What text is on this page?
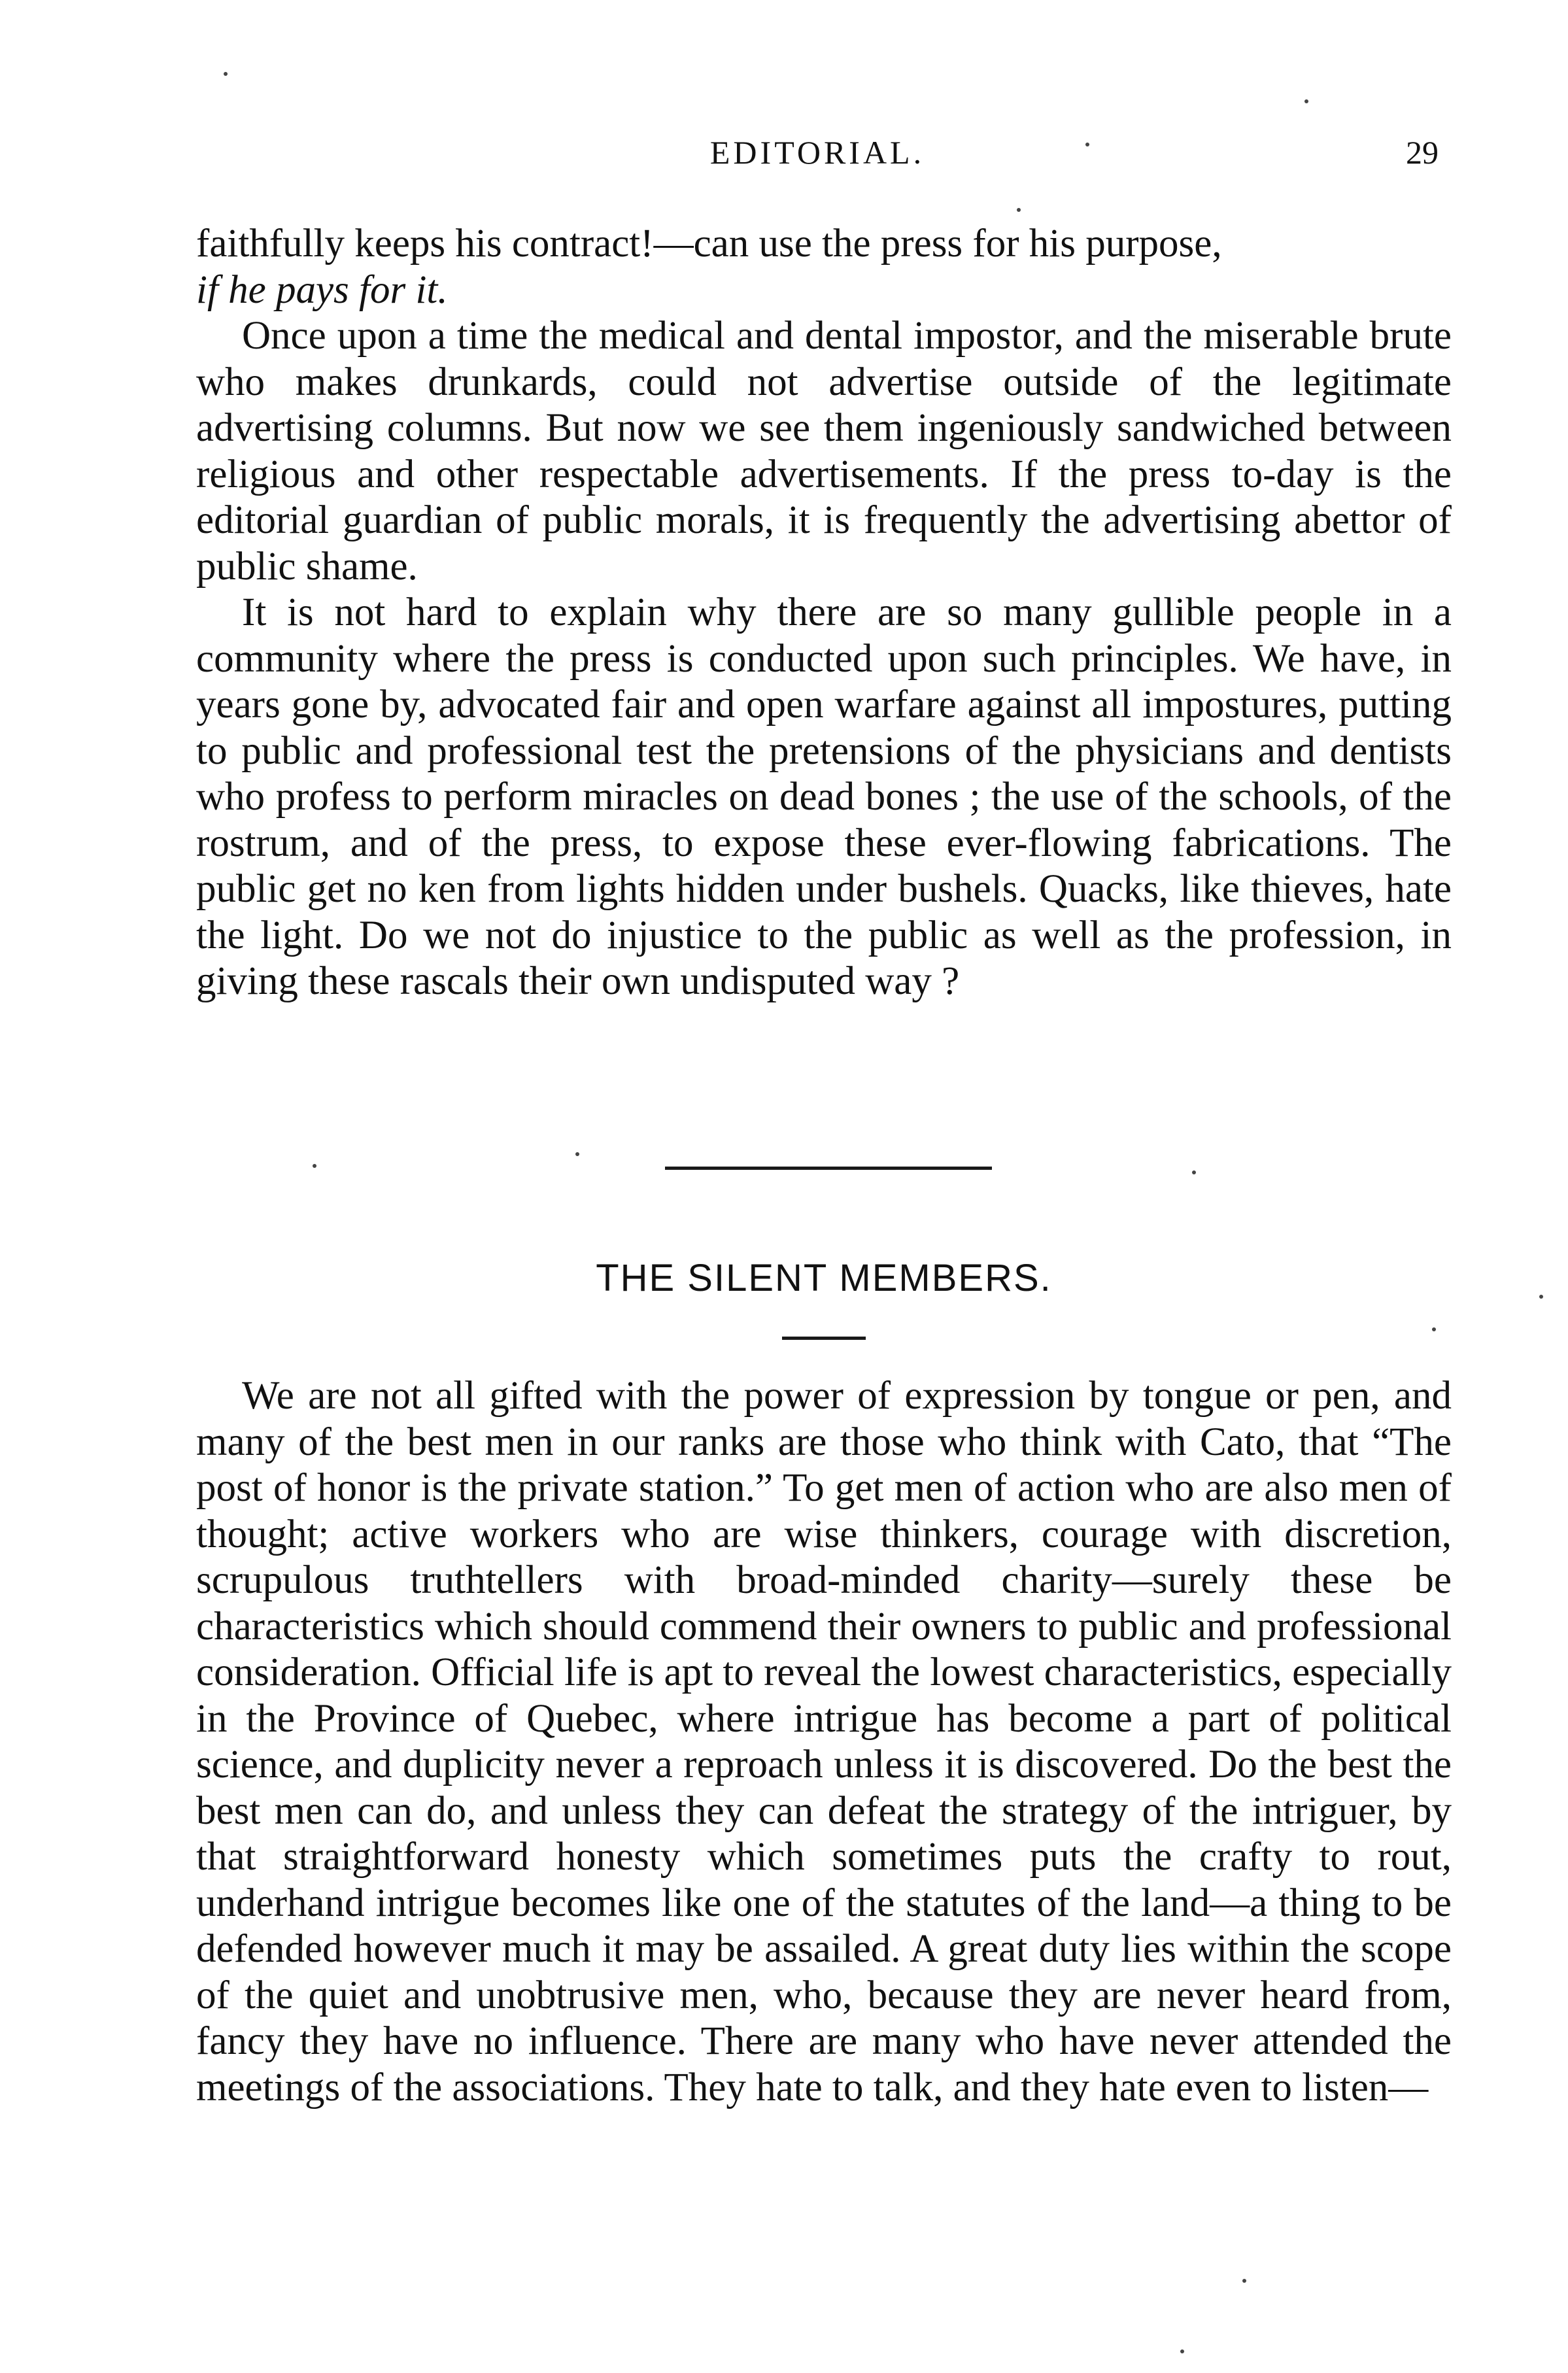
EDITORIAL.	29

faithfully keeps his contract!—can use the press for his purpose,

if he pays for it.

Once upon a time the medical and dental impostor, and the miserable brute who makes drunkards, could not advertise outside of the legitimate advertising columns. But now we see them ingeniously sandwiched between religious and other respectable advertisements. If the press to-day is the editorial guardian of public morals, it is frequently the advertising abettor of public shame.

It is not hard to explain why there are so many gullible people in a community where the press is conducted upon such principles. We have, in years gone by, advocated fair and open warfare against all impostures, putting to public and professional test the pretensions of the physicians and dentists who profess to perform miracles on dead bones ; the use of the schools, of the rostrum, and of the press, to expose these ever-flowing fabrications. The public get no ken from lights hidden under bushels. Quacks, like thieves, hate the light. Do we not do injustice to the public as well as the profession, in giving these rascals their own undisputed way ?

THE SILENT MEMBERS.

We are not all gifted with the power of expression by tongue or pen, and many of the best men in our ranks are those who think with Cato, that “The post of honor is the private station.” To get men of action who are also men of thought; active workers who are wise thinkers, courage with discretion, scrupulous truthtellers with broad-minded charity—surely these be characteristics which should commend their owners to public and professional consideration. Official life is apt to reveal the lowest characteristics, especially in the Province of Quebec, where intrigue has become a part of political science, and duplicity never a reproach unless it is discovered. Do the best the best men can do, and unless they can defeat the strategy of the intriguer, by that straightforward honesty which sometimes puts the crafty to rout, underhand intrigue becomes like one of the statutes of the land—a thing to be defended however much it may be assailed. A great duty lies within the scope of the quiet and unobtrusive men, who, because they are never heard from, fancy they have no influence. There are many who have never attended the meetings of the associations. They hate to talk, and they hate even to listen—
